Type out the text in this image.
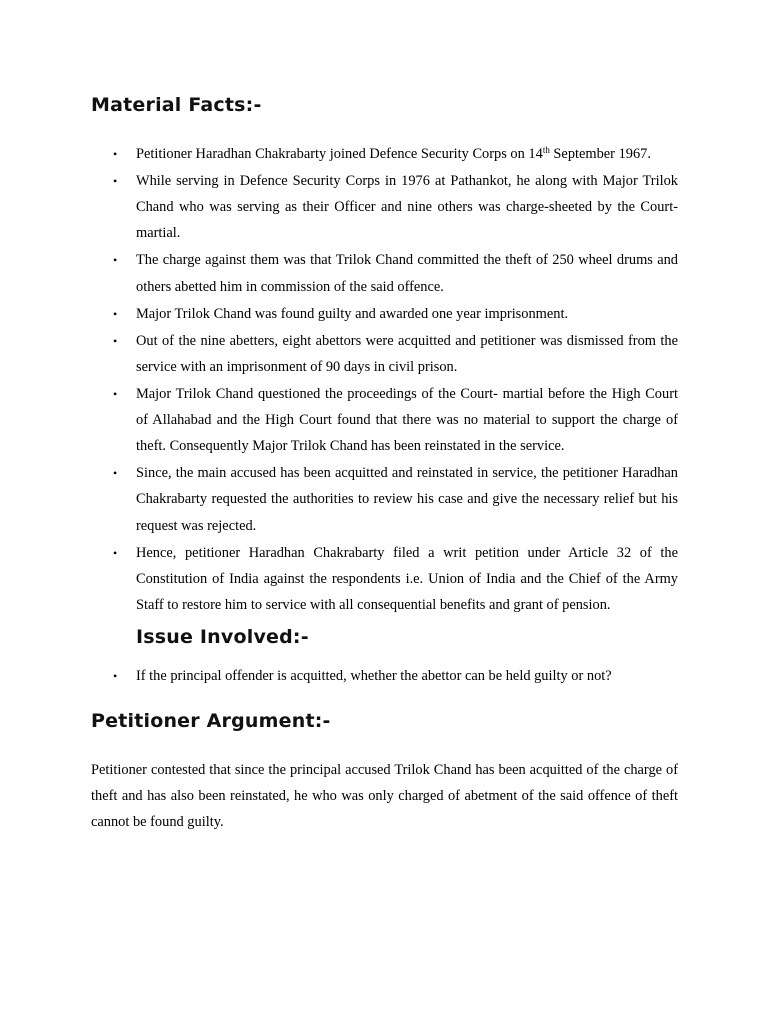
Material Facts:-
• Petitioner Haradhan Chakrabarty joined Defence Security Corps on 14th September 1967.
• While serving in Defence Security Corps in 1976 at Pathankot, he along with Major Trilok Chand who was serving as their Officer and nine others was charge-sheeted by the Court- martial.
• The charge against them was that Trilok Chand committed the theft of 250 wheel drums and others abetted him in commission of the said offence.
• Major Trilok Chand was found guilty and awarded one year imprisonment.
• Out of the nine abetters, eight abettors were acquitted and petitioner was dismissed from the service with an imprisonment of 90 days in civil prison.
• Major Trilok Chand questioned the proceedings of the Court- martial before the High Court of Allahabad and the High Court found that there was no material to support the charge of theft. Consequently Major Trilok Chand has been reinstated in the service.
• Since, the main accused has been acquitted and reinstated in service, the petitioner Haradhan Chakrabarty requested the authorities to review his case and give the necessary relief but his request was rejected.
• Hence, petitioner Haradhan Chakrabarty filed a writ petition under Article 32 of the Constitution of India against the respondents i.e. Union of India and the Chief of the Army Staff to restore him to service with all consequential benefits and grant of pension.
Issue Involved:-
• If the principal offender is acquitted, whether the abettor can be held guilty or not?
Petitioner Argument:-

Petitioner contested that since the principal accused Trilok Chand has been acquitted of the charge of theft and has also been reinstated, he who was only charged of abetment of the said offence of theft cannot be found guilty.
